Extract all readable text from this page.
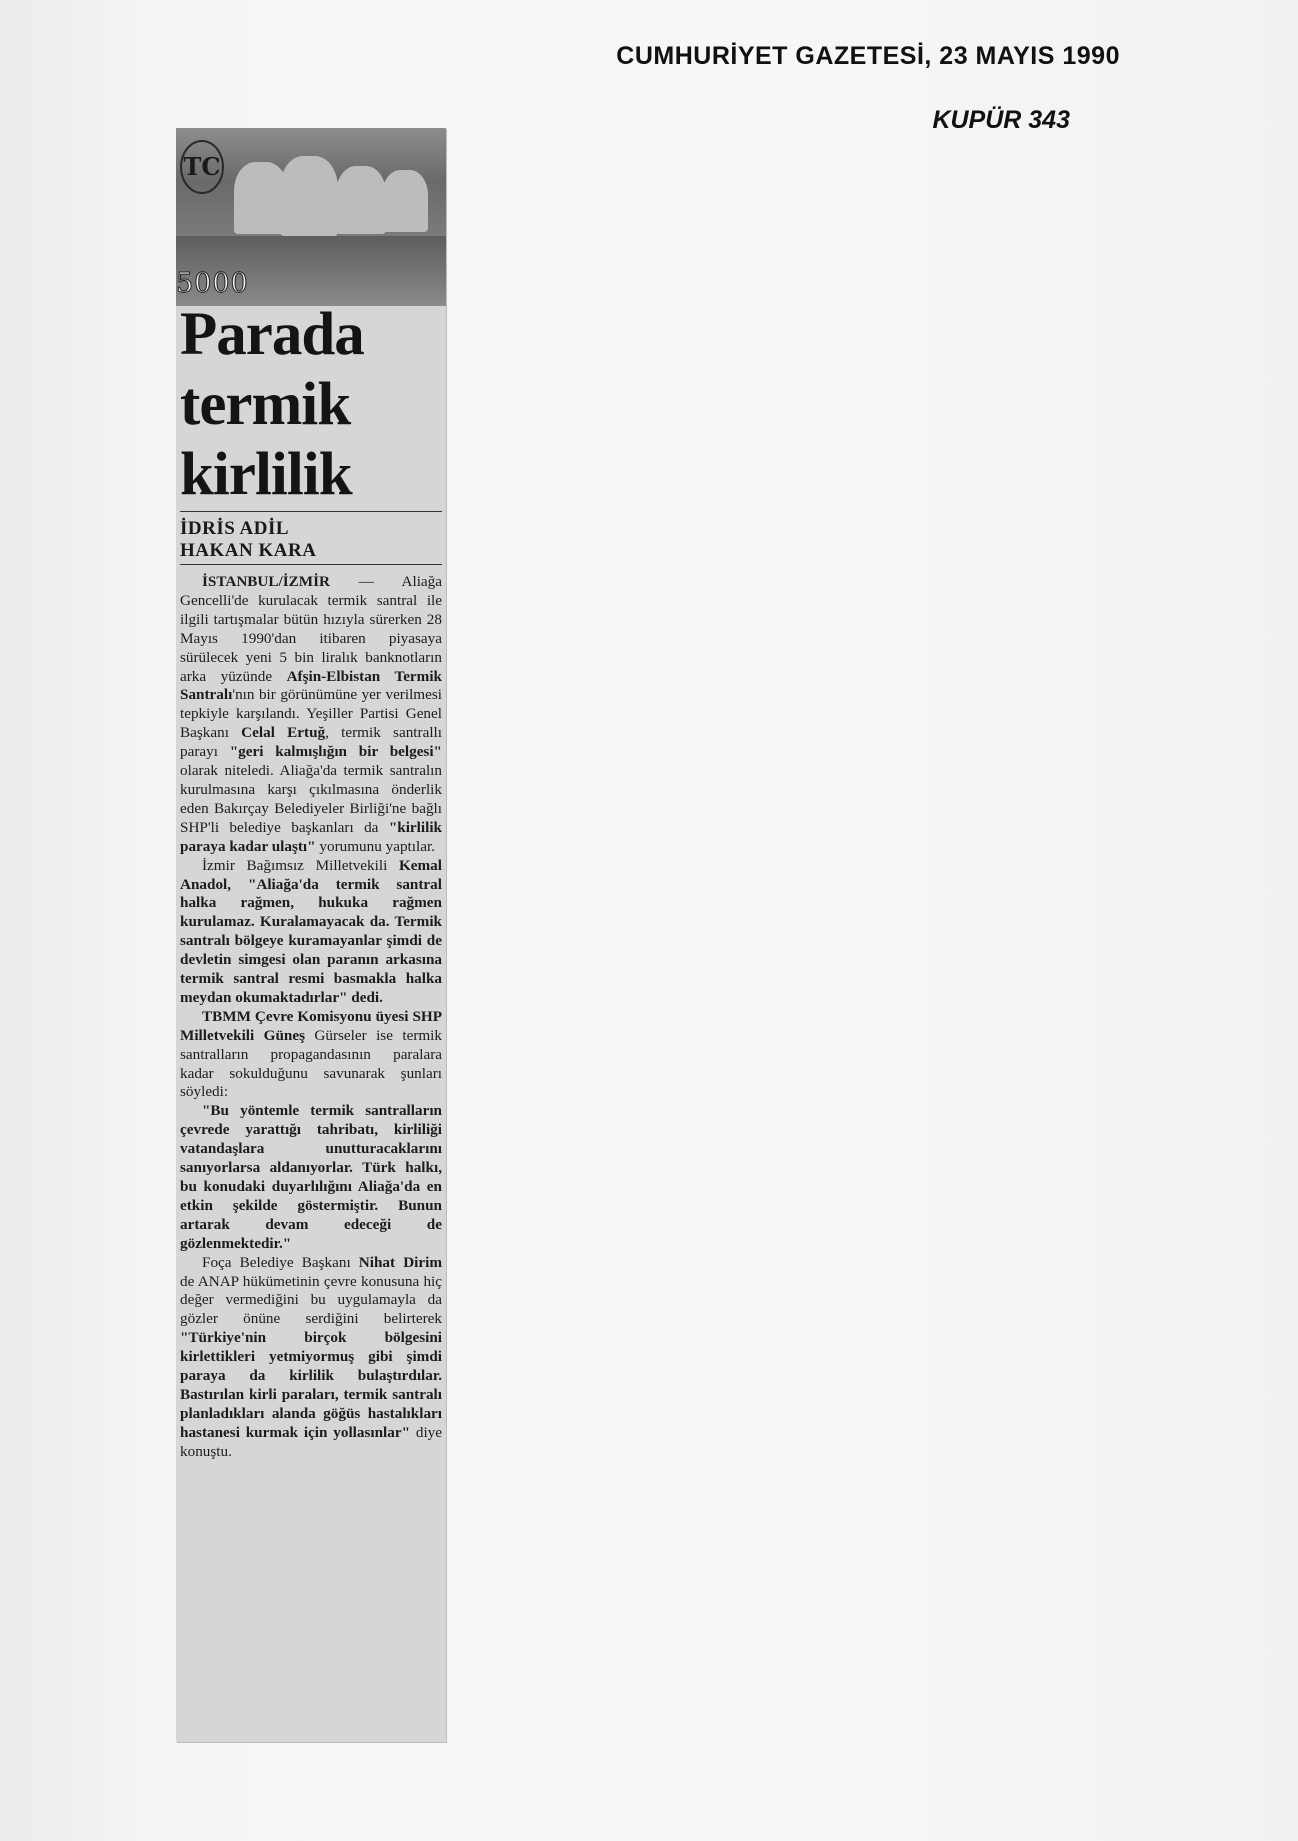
CUMHURİYET GAZETESİ, 23 MAYIS 1990
KUPÜR 343
TC
5000
Parada
termik
kirlilik
İDRİS ADİL
HAKAN KARA

İSTANBUL/İZMİR — Aliağa Gencelli'de kurulacak termik santral ile ilgili tartışmalar bütün hızıyla sürerken 28 Mayıs 1990'dan itibaren piyasaya sürülecek yeni 5 bin liralık banknotların arka yüzünde Afşin-Elbistan Termik Santralı'nın bir görünümüne yer verilmesi tepkiyle karşılandı. Yeşiller Partisi Genel Başkanı Celal Ertuğ, termik santrallı parayı "geri kalmışlığın bir belgesi" olarak niteledi. Aliağa'da termik santralın kurulmasına karşı çıkılmasına önderlik eden Bakırçay Belediyeler Birliği'ne bağlı SHP'li belediye başkanları da "kirlilik paraya kadar ulaştı" yorumunu yaptılar.

İzmir Bağımsız Milletvekili Kemal Anadol, "Aliağa'da termik santral halka rağmen, hukuka rağmen kurulamaz. Kuralamayacak da. Termik santralı bölgeye kuramayanlar şimdi de devletin simgesi olan paranın arkasına termik santral resmi basmakla halka meydan okumaktadırlar" dedi.

TBMM Çevre Komisyonu üyesi SHP Milletvekili Güneş Gürseler ise termik santralların propagandasının paralara kadar sokulduğunu savunarak şunları söyledi:

"Bu yöntemle termik santralların çevrede yarattığı tahribatı, kirliliği vatandaşlara unutturacaklarını sanıyorlarsa aldanıyorlar. Türk halkı, bu konudaki duyarlılığını Aliağa'da en etkin şekilde göstermiştir. Bunun artarak devam edeceği de gözlenmektedir."

Foça Belediye Başkanı Nihat Dirim de ANAP hükümetinin çevre konusuna hiç değer vermediğini bu uygulamayla da gözler önüne serdiğini belirterek "Türkiye'nin birçok bölgesini kirlettikleri yetmiyormuş gibi şimdi paraya da kirlilik bulaştırdılar. Bastırılan kirli paraları, termik santralı planladıkları alanda göğüs hastalıkları hastanesi kurmak için yollasınlar" diye konuştu.
